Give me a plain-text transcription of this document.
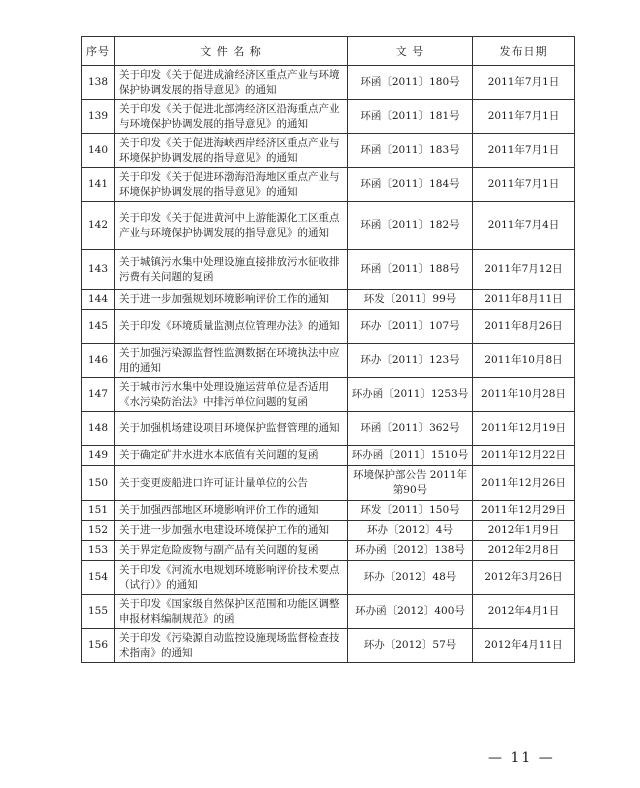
序号	文 件 名 称	文 号	发布日期
138	关于印发《关于促进成渝经济区重点产业与环境保护协调发展的指导意见》的通知	环函〔2011〕180号	2011年7月1日
139	关于印发《关于促进北部湾经济区沿海重点产业与环境保护协调发展的指导意见》的通知	环函〔2011〕181号	2011年7月1日
140	关于印发《关于促进海峡西岸经济区重点产业与环境保护协调发展的指导意见》的通知	环函〔2011〕183号	2011年7月1日
141	关于印发《关于促进环渤海沿海地区重点产业与环境保护协调发展的指导意见》的通知	环函〔2011〕184号	2011年7月1日
142	关于印发《关于促进黄河中上游能源化工区重点产业与环境保护协调发展的指导意见》的通知	环函〔2011〕182号	2011年7月4日
143	关于城镇污水集中处理设施直接排放污水征收排污费有关问题的复函	环函〔2011〕188号	2011年7月12日
144	关于进一步加强规划环境影响评价工作的通知	环发〔2011〕99号	2011年8月11日
145	关于印发《环境质量监测点位管理办法》的通知	环办〔2011〕107号	2011年8月26日
146	关于加强污染源监督性监测数据在环境执法中应用的通知	环办〔2011〕123号	2011年10月8日
147	关于城市污水集中处理设施运营单位是否适用《水污染防治法》中排污单位问题的复函	环办函〔2011〕1253号	2011年10月28日
148	关于加强机场建设项目环境保护监督管理的通知	环函〔2011〕362号	2011年12月19日
149	关于确定矿井水进水本底值有关问题的复函	环办函〔2011〕1510号	2011年12月22日
150	关于变更废船进口许可证计量单位的公告	环境保护部公告 2011年第90号	2011年12月26日
151	关于加强西部地区环境影响评价工作的通知	环发〔2011〕150号	2011年12月29日
152	关于进一步加强水电建设环境保护工作的通知	环办〔2012〕4号	2012年1月9日
153	关于界定危险废物与副产品有关问题的复函	环办函〔2012〕138号	2012年2月8日
154	关于印发《河流水电规划环境影响评价技术要点（试行）》的通知	环办〔2012〕48号	2012年3月26日
155	关于印发《国家级自然保护区范围和功能区调整申报材料编制规范》的函	环办函〔2012〕400号	2012年4月1日
156	关于印发《污染源自动监控设施现场监督检查技术指南》的通知	环办〔2012〕57号	2012年4月11日
— 11 —
